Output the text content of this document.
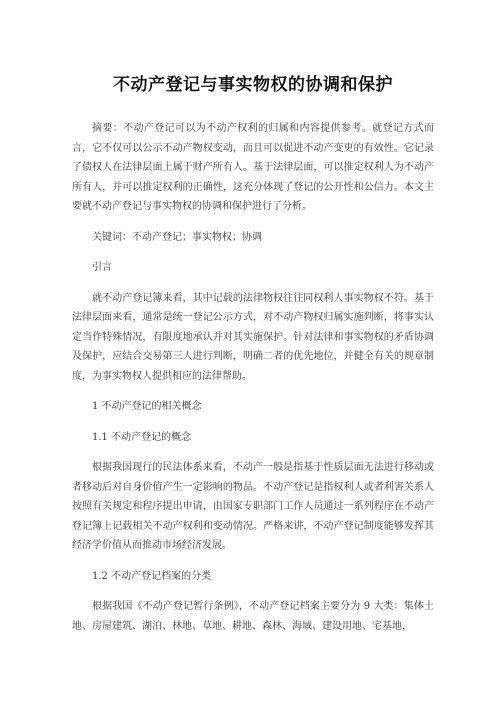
不动产登记与事实物权的协调和保护

摘要：不动产登记可以为不动产权利的归属和内容提供参考。就登记方式而言，它不仅可以公示不动产物权变动，而且可以促进不动产变更的有效性。它记录了债权人在法律层面上属于财产所有人。基于法律层面，可以推定权利人为不动产所有人，并可以推定权利的正确性，这充分体现了登记的公开性和公信力。本文主要就不动产登记与事实物权的协调和保护进行了分析。

关键词：不动产登记；事实物权；协调

引言

就不动产登记簿来看，其中记载的法律物权往往同权利人事实物权不符。基于法律层面来看，通常是统一登记公示方式，对不动产物权归属实施判断，将事实认定当作特殊情况，有限度地承认并对其实施保护。针对法律和事实物权的矛盾协调及保护，应结合交易第三人进行判断，明确二者的优先地位，并健全有关的规章制度，为事实物权人提供相应的法律帮助。

1 不动产登记的相关概念

1.1 不动产登记的概念

根据我国现行的民法体系来看，不动产一般是指基于性质层面无法进行移动或者移动后对自身价值产生一定影响的物品。不动产登记是指权利人或者利害关系人按照有关规定和程序提出申请，由国家专职部门工作人员通过一系列程序在不动产登记簿上记载相关不动产权利和变动情况。严格来讲，不动产登记制度能够发挥其经济学价值从而推动市场经济发展。

1.2 不动产登记档案的分类

根据我国《不动产登记暂行条例》，不动产登记档案主要分为 9 大类：集体土地、房屋建筑、湖泊、林地、草地、耕地、森林、海域、建设用地、宅基地，
